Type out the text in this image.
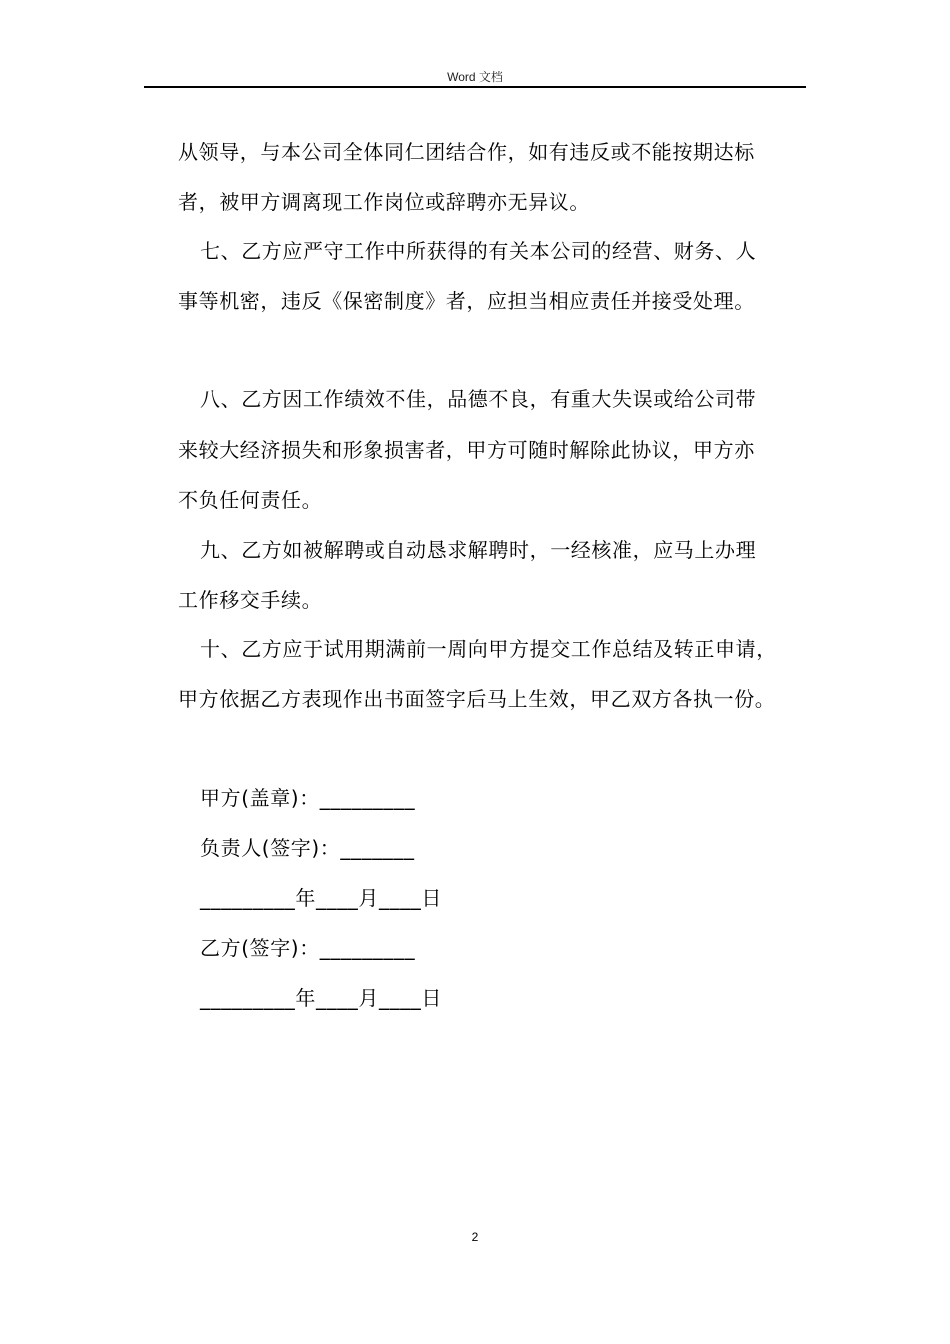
Word 文档
从领导，与本公司全体同仁团结合作，如有违反或不能按期达标
者，被甲方调离现工作岗位或辞聘亦无异议。
七、乙方应严守工作中所获得的有关本公司的经营、财务、人
事等机密，违反《保密制度》者，应担当相应责任并接受处理。
八、乙方因工作绩效不佳，品德不良，有重大失误或给公司带
来较大经济损失和形象损害者，甲方可随时解除此协议，甲方亦
不负任何责任。
九、乙方如被解聘或自动恳求解聘时，一经核准，应马上办理
工作移交手续。
十、乙方应于试用期满前一周向甲方提交工作总结及转正申请，
甲方依据乙方表现作出书面签字后马上生效，甲乙双方各执一份。
甲方(盖章)：_________
负责人(签字)：_______
_________年____月____日
乙方(签字)：_________
_________年____月____日
2
